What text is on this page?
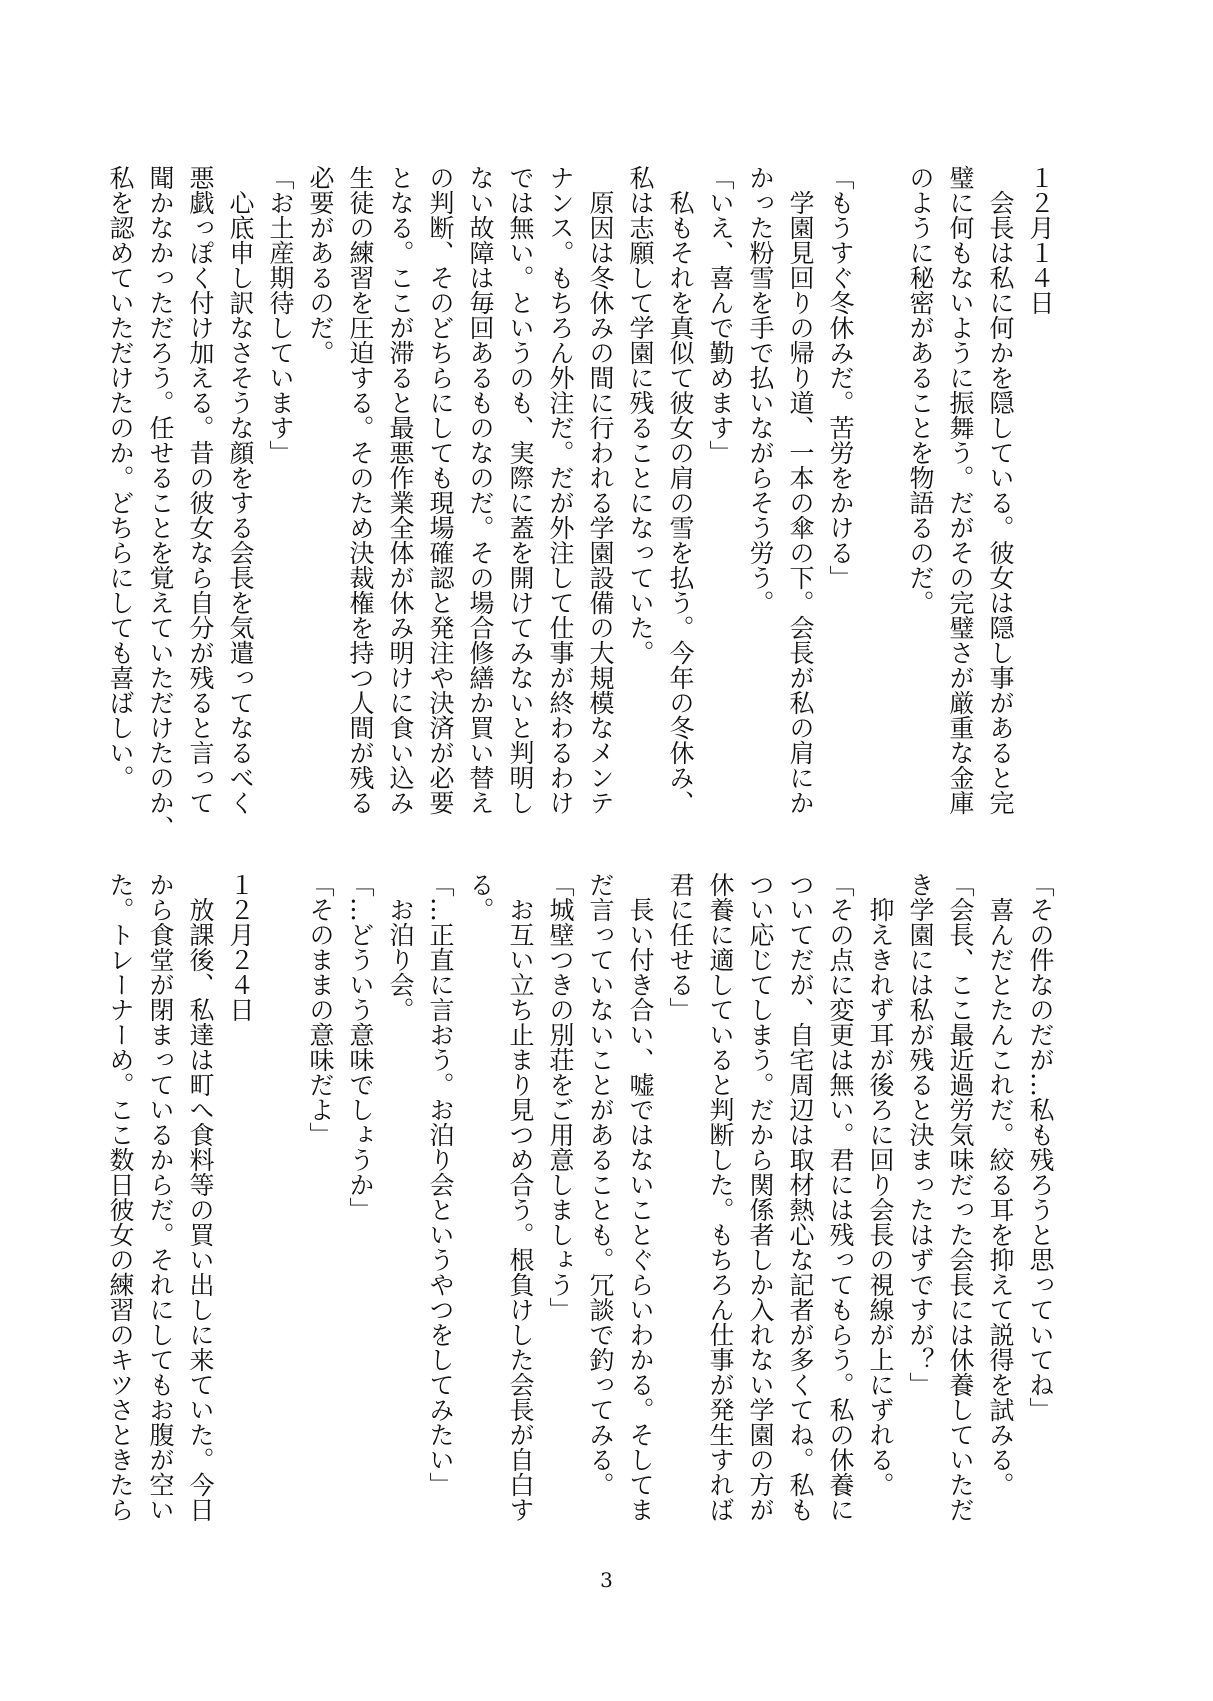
１２月１４日
　会長は私に何かを隠している。彼女は隠し事があると完
璧に何もないように振舞う。だがその完璧さが厳重な金庫
のように秘密があることを物語るのだ。

「もうすぐ冬休みだ。苦労をかける」
　学園見回りの帰り道、一本の傘の下。会長が私の肩にか
かった粉雪を手で払いながらそう労う。
「いえ、喜んで勤めます」
　私もそれを真似て彼女の肩の雪を払う。今年の冬休み、
私は志願して学園に残ることになっていた。
　原因は冬休みの間に行われる学園設備の大規模なメンテ
ナンス。もちろん外注だ。だが外注して仕事が終わるわけ
では無い。というのも、実際に蓋を開けてみないと判明し
ない故障は毎回あるものなのだ。その場合修繕か買い替え
の判断、そのどちらにしても現場確認と発注や決済が必要
となる。ここが滞ると最悪作業全体が休み明けに食い込み
生徒の練習を圧迫する。そのため決裁権を持つ人間が残る
必要があるのだ。
「お土産期待しています」
　心底申し訳なさそうな顔をする会長を気遣ってなるべく
悪戯っぽく付け加える。昔の彼女なら自分が残ると言って
聞かなかっただろう。任せることを覚えていただけたのか、
私を認めていただけたのか。どちらにしても喜ばしい。
「その件なのだが…私も残ろうと思っていてね」
　喜んだとたんこれだ。絞る耳を抑えて説得を試みる。
「会長、ここ最近過労気味だった会長には休養していただ
き学園には私が残ると決まったはずですが？」
　抑えきれず耳が後ろに回り会長の視線が上にずれる。
「その点に変更は無い。君には残ってもらう。私の休養に
ついてだが、自宅周辺は取材熱心な記者が多くてね。私も
つい応じてしまう。だから関係者しか入れない学園の方が
休養に適していると判断した。もちろん仕事が発生すれば
君に任せる」
　長い付き合い、嘘ではないことぐらいわかる。そしてま
だ言っていないことがあることも。冗談で釣ってみる。
「城壁つきの別荘をご用意しましょう」
　お互い立ち止まり見つめ合う。根負けした会長が自白す
る。
「…正直に言おう。お泊り会というやつをしてみたい」
　お泊り会。
「…どういう意味でしょうか」
「そのままの意味だよ」

１２月２４日
　放課後、私達は町へ食料等の買い出しに来ていた。今日
から食堂が閉まっているからだ。それにしてもお腹が空い
た。トレーナーめ。ここ数日彼女の練習のキツさときたら
3
